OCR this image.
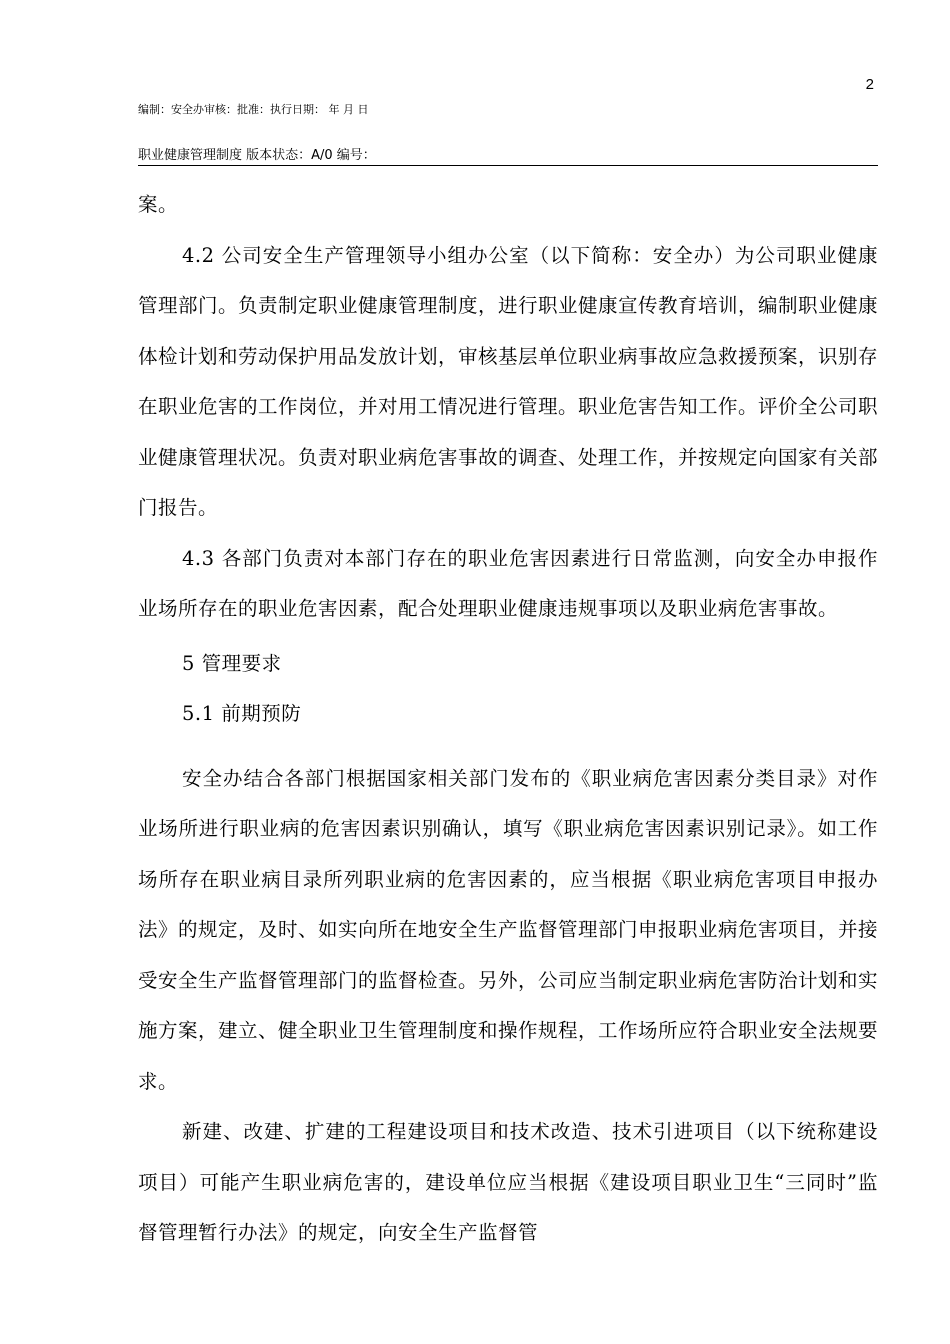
2
编制：安全办审核：批准：执行日期： 年 月 日
职业健康管理制度 版本状态：A/0 编号：

案。

4.2 公司安全生产管理领导小组办公室（以下简称：安全办）为公司职业健康管理部门。负责制定职业健康管理制度，进行职业健康宣传教育培训，编制职业健康体检计划和劳动保护用品发放计划，审核基层单位职业病事故应急救援预案，识别存在职业危害的工作岗位，并对用工情况进行管理。职业危害告知工作。评价全公司职业健康管理状况。负责对职业病危害事故的调查、处理工作，并按规定向国家有关部门报告。

4.3 各部门负责对本部门存在的职业危害因素进行日常监测，向安全办申报作业场所存在的职业危害因素，配合处理职业健康违规事项以及职业病危害事故。

5 管理要求

5.1 前期预防

安全办结合各部门根据国家相关部门发布的《职业病危害因素分类目录》对作业场所进行职业病的危害因素识别确认，填写《职业病危害因素识别记录》。如工作场所存在职业病目录所列职业病的危害因素的，应当根据《职业病危害项目申报办法》的规定，及时、如实向所在地安全生产监督管理部门申报职业病危害项目，并接受安全生产监督管理部门的监督检查。另外，公司应当制定职业病危害防治计划和实施方案，建立、健全职业卫生管理制度和操作规程，工作场所应符合职业安全法规要求。

新建、改建、扩建的工程建设项目和技术改造、技术引进项目（以下统称建设项目）可能产生职业病危害的，建设单位应当根据《建设项目职业卫生“三同时”监督管理暂行办法》的规定，向安全生产监督管
